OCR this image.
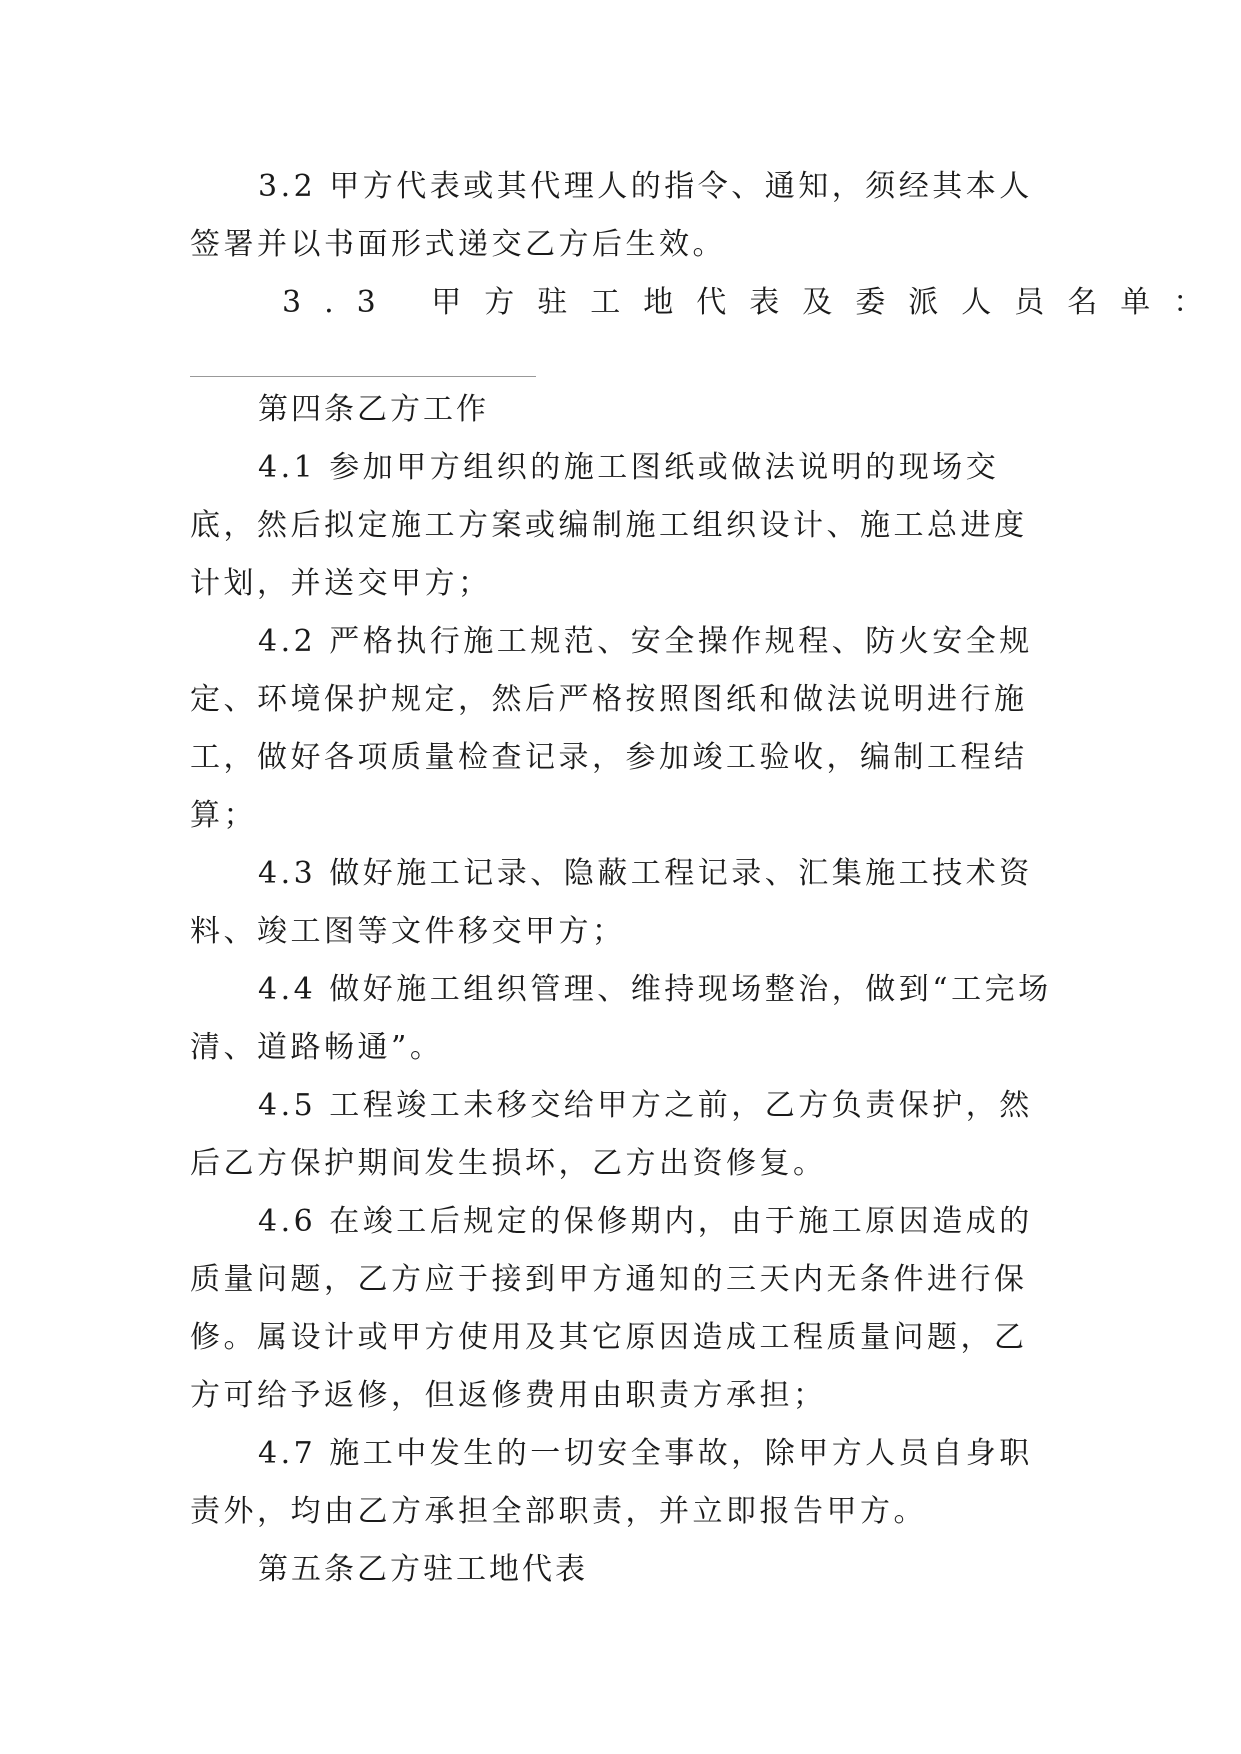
3.2 甲方代表或其代理人的指令、通知，须经其本人签署并以书面形式递交乙方后生效。

3.3 甲方驻工地代表及委派人员名单：

第四条乙方工作

4.1 参加甲方组织的施工图纸或做法说明的现场交底，然后拟定施工方案或编制施工组织设计、施工总进度计划，并送交甲方；

4.2 严格执行施工规范、安全操作规程、防火安全规定、环境保护规定，然后严格按照图纸和做法说明进行施工，做好各项质量检查记录，参加竣工验收，编制工程结算；

4.3 做好施工记录、隐蔽工程记录、汇集施工技术资料、竣工图等文件移交甲方；

4.4 做好施工组织管理、维持现场整治，做到“工完场清、道路畅通”。

4.5 工程竣工未移交给甲方之前，乙方负责保护，然后乙方保护期间发生损坏，乙方出资修复。

4.6 在竣工后规定的保修期内，由于施工原因造成的质量问题，乙方应于接到甲方通知的三天内无条件进行保修。属设计或甲方使用及其它原因造成工程质量问题，乙方可给予返修，但返修费用由职责方承担；

4.7 施工中发生的一切安全事故，除甲方人员自身职责外，均由乙方承担全部职责，并立即报告甲方。

第五条乙方驻工地代表
